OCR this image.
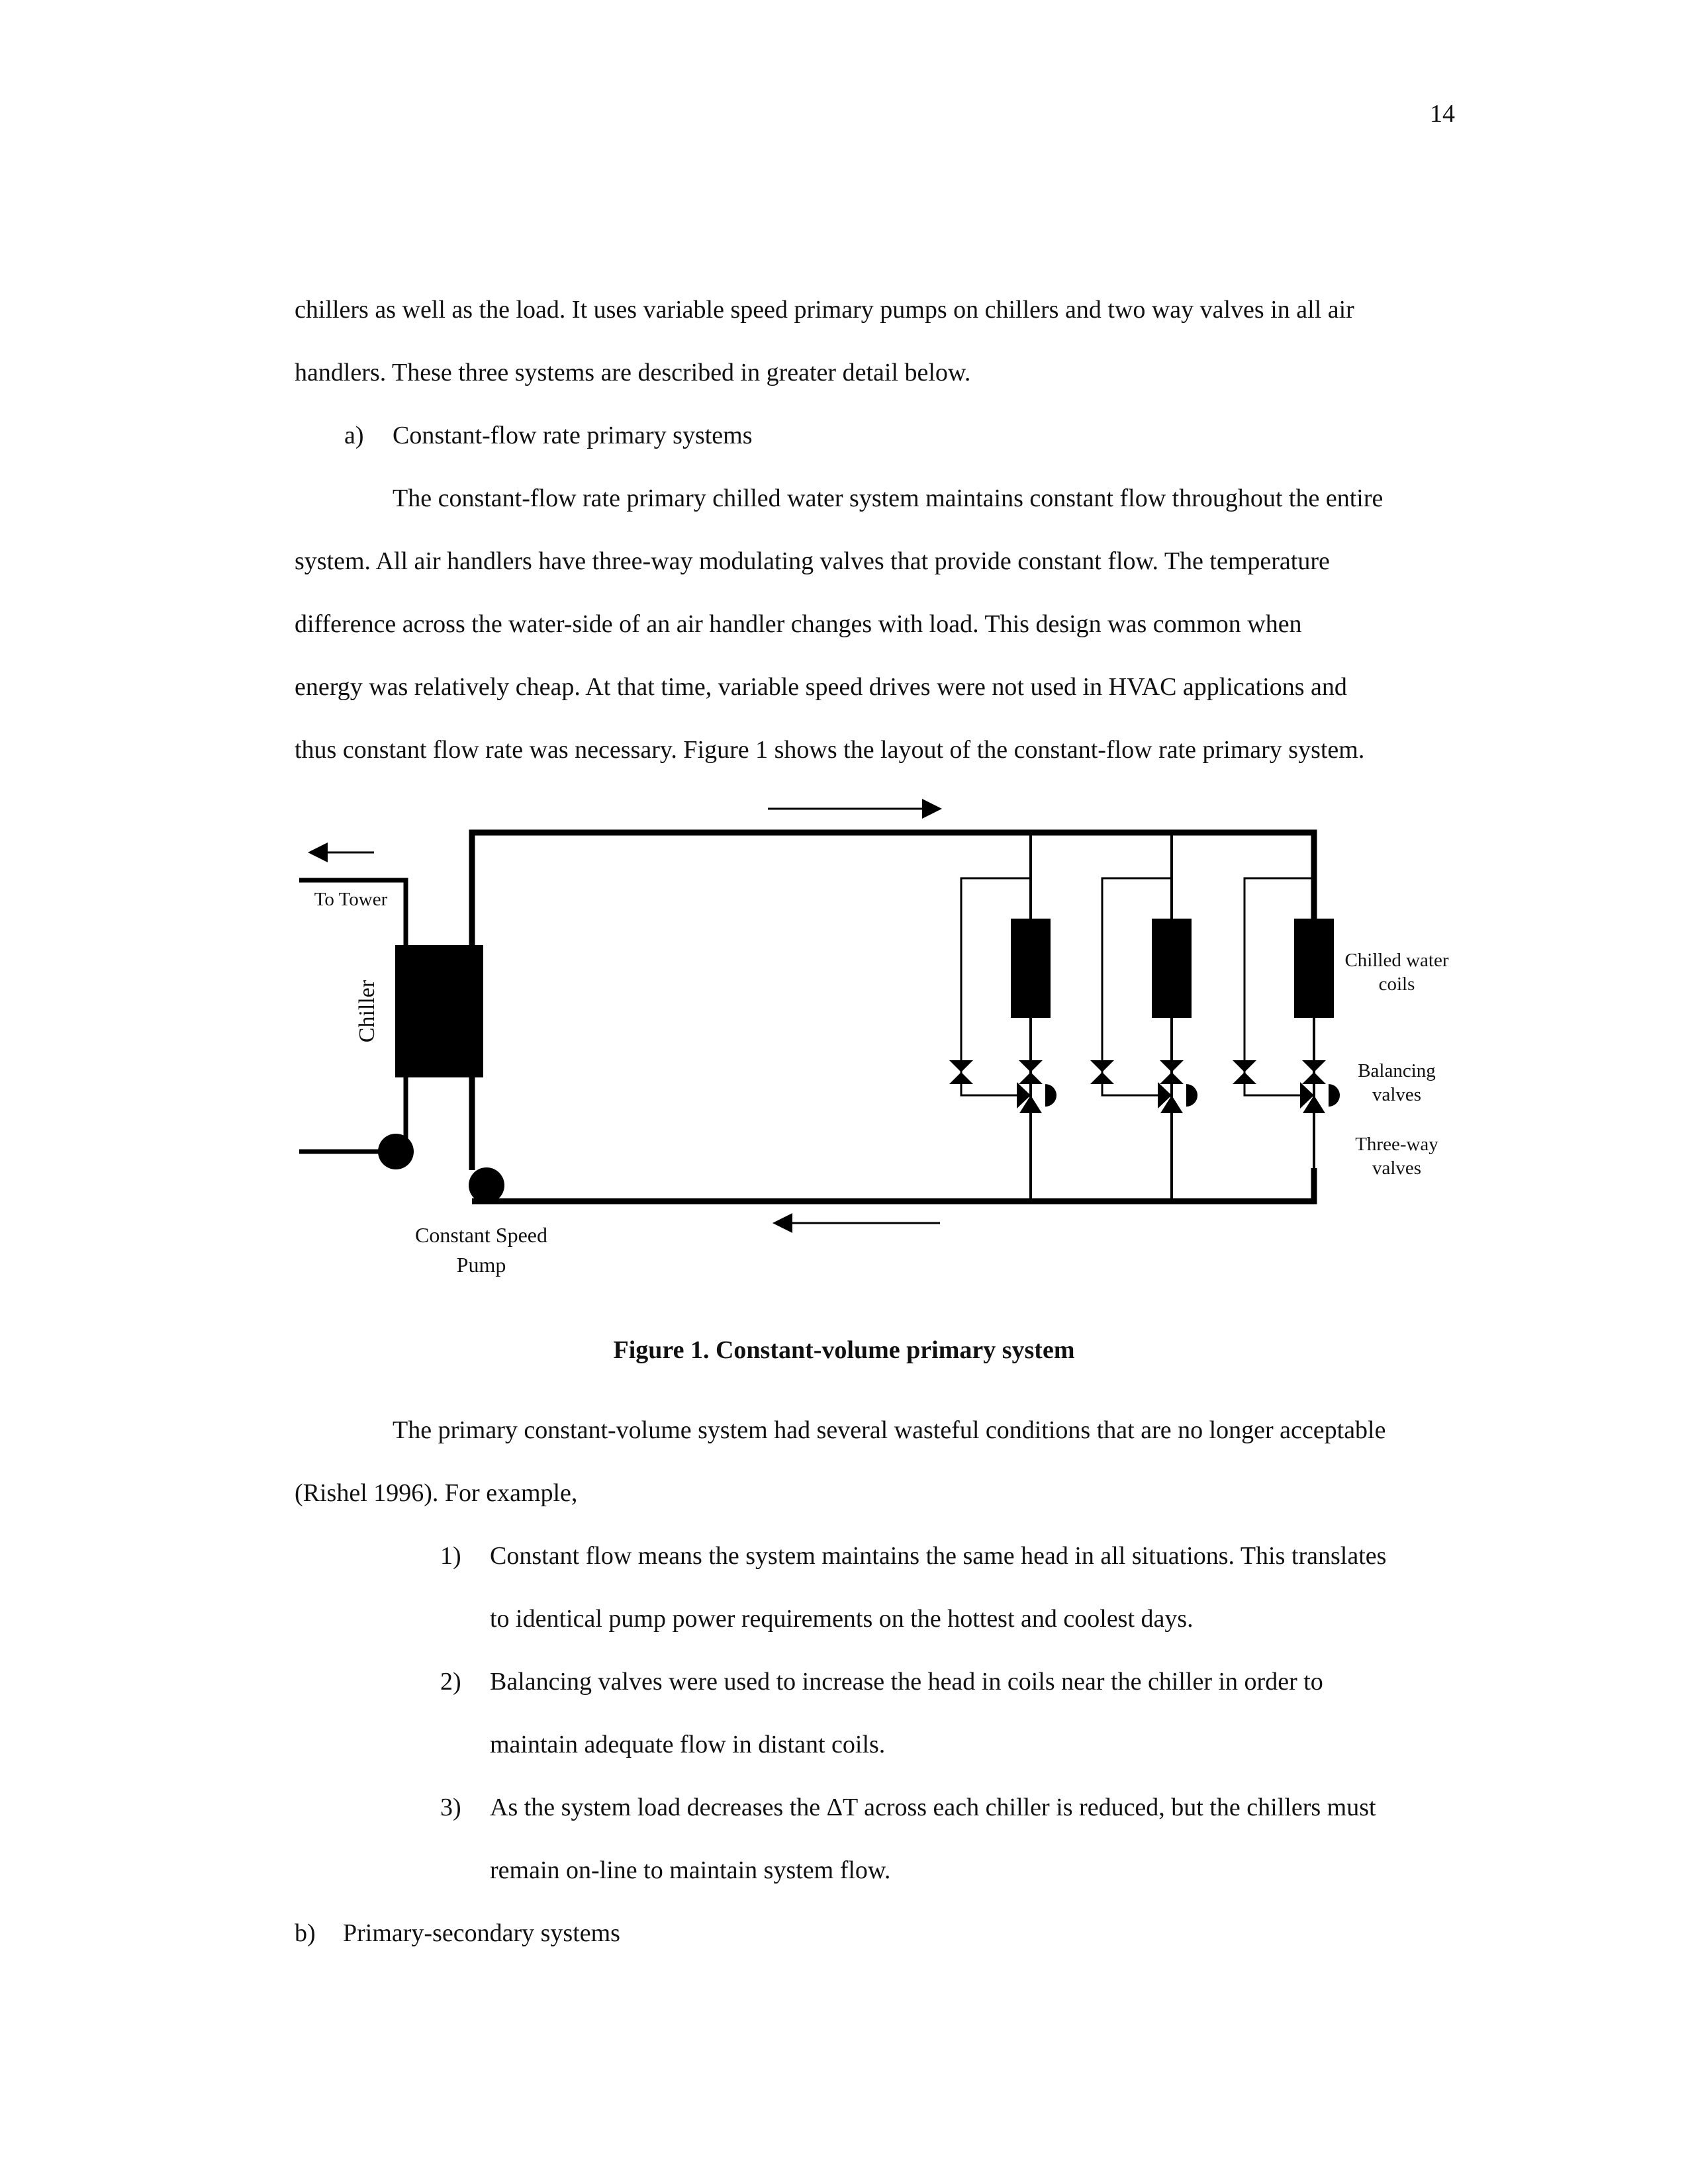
14
chillers as well as the load. It uses variable speed primary pumps on chillers and two way valves in all air
handlers. These three systems are described in greater detail below.
a) Constant-flow rate primary systems
The constant-flow rate primary chilled water system maintains constant flow throughout the entire
system. All air handlers have three-way modulating valves that provide constant flow. The temperature
difference across the water-side of an air handler changes with load. This design was common when
energy was relatively cheap. At that time, variable speed drives were not used in HVAC applications and
thus constant flow rate was necessary. Figure 1 shows the layout of the constant-flow rate primary system.
To Tower
Chiller
Constant Speed
Pump
Chilled water
coils
Balancing
valves
Three-way
valves
Figure 1. Constant-volume primary system
The primary constant-volume system had several wasteful conditions that are no longer acceptable
(Rishel 1996). For example,
1) Constant flow means the system maintains the same head in all situations. This translates
to identical pump power requirements on the hottest and coolest days.
2) Balancing valves were used to increase the head in coils near the chiller in order to
maintain adequate flow in distant coils.
3) As the system load decreases the ΔT across each chiller is reduced, but the chillers must
remain on-line to maintain system flow.
b) Primary-secondary systems
